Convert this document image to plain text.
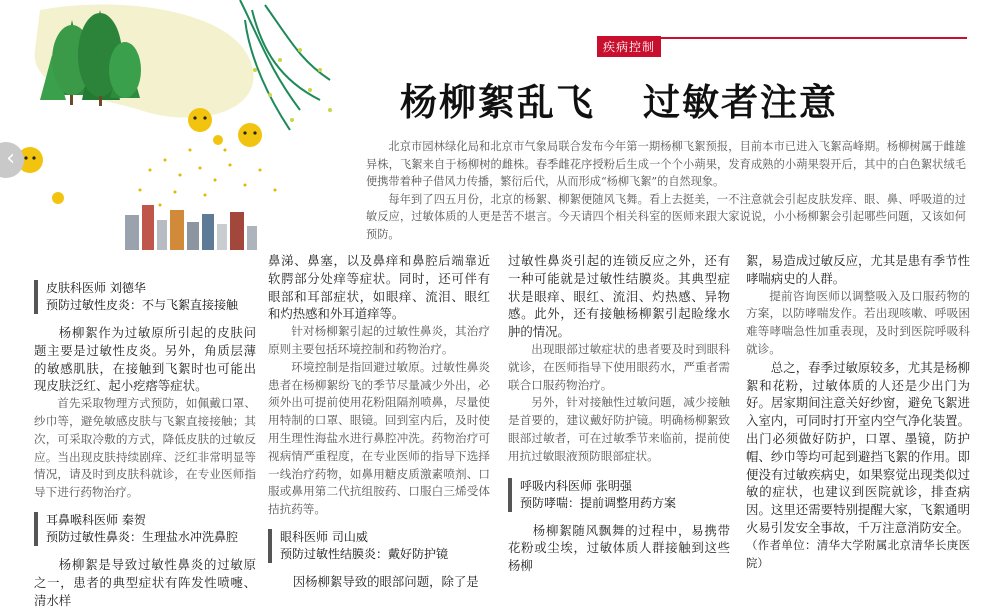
‹
疾病控制
杨柳絮乱飞 过敏者注意

北京市园林绿化局和北京市气象局联合发布今年第一期杨柳飞絮预报，目前本市已进入飞絮高峰期。杨柳树属于雌雄异株，飞絮来自于杨柳树的雌株。春季雌花序授粉后生成一个个小蒴果，发育成熟的小蒴果裂开后，其中的白色絮状绒毛便携带着种子借风力传播，繁衍后代，从而形成“杨柳飞絮”的自然现象。

每年到了四五月份，北京的杨絮、柳絮便随风飞舞。看上去挺美，一不注意就会引起皮肤发痒、眼、鼻、呼吸道的过敏反应，过敏体质的人更是苦不堪言。今天请四个相关科室的医师来跟大家说说，小小杨柳絮会引起哪些问题，又该如何预防。

皮肤科医师 刘德华
预防过敏性皮炎：不与飞絮直接接触

杨柳絮作为过敏原所引起的皮肤问题主要是过敏性皮炎。另外，角质层薄的敏感肌肤，在接触到飞絮时也可能出现皮肤泛红、起小疙瘩等症状。

首先采取物理方式预防，如佩戴口罩、纱巾等，避免敏感皮肤与飞絮直接接触；其次，可采取冷敷的方式，降低皮肤的过敏反应。当出现皮肤持续剧痒、泛红非常明显等情况，请及时到皮肤科就诊，在专业医师指导下进行药物治疗。

耳鼻喉科医师 秦贺
预防过敏性鼻炎：生理盐水冲洗鼻腔

杨柳絮是导致过敏性鼻炎的过敏原之一，患者的典型症状有阵发性喷嚏、清水样

鼻涕、鼻塞，以及鼻痒和鼻腔后端靠近软腭部分处痒等症状。同时，还可伴有眼部和耳部症状，如眼痒、流泪、眼红和灼热感和外耳道痒等。

针对杨柳絮引起的过敏性鼻炎，其治疗原则主要包括环境控制和药物治疗。

环境控制是指回避过敏原。过敏性鼻炎患者在杨柳絮纷飞的季节尽量减少外出，必须外出可提前使用花粉阻隔剂喷鼻，尽量使用特制的口罩、眼镜。回到室内后，及时使用生理性海盐水进行鼻腔冲洗。药物治疗可视病情严重程度，在专业医师的指导下选择一线治疗药物，如鼻用糖皮质激素喷剂、口服或鼻用第二代抗组胺药、口服白三烯受体拮抗药等。

眼科医师 司山威
预防过敏性结膜炎：戴好防护镜

因杨柳絮导致的眼部问题，除了是

过敏性鼻炎引起的连锁反应之外，还有一种可能就是过敏性结膜炎。其典型症状是眼痒、眼红、流泪、灼热感、异物感。此外，还有接触杨柳絮引起睑缘水肿的情况。

出现眼部过敏症状的患者要及时到眼科就诊，在医师指导下使用眼药水，严重者需联合口服药物治疗。

另外，针对接触性过敏问题，减少接触是首要的，建议戴好防护镜。明确杨柳絮致眼部过敏者，可在过敏季节来临前，提前使用抗过敏眼液预防眼部症状。

呼吸内科医师 张明强
预防哮喘：提前调整用药方案

杨柳絮随风飘舞的过程中，易携带花粉或尘埃，过敏体质人群接触到这些杨柳

絮，易造成过敏反应，尤其是患有季节性哮喘病史的人群。

提前咨询医师以调整吸入及口服药物的方案，以防哮喘发作。若出现咳嗽、呼吸困难等哮喘急性加重表现，及时到医院呼吸科就诊。

总之，春季过敏原较多，尤其是杨柳絮和花粉，过敏体质的人还是少出门为好。居家期间注意关好纱窗，避免飞絮进入室内，可同时打开室内空气净化装置。出门必须做好防护，口罩、墨镜，防护帽、纱巾等均可起到避挡飞絮的作用。即便没有过敏疾病史，如果察觉出现类似过敏的症状，也建议到医院就诊，排查病因。这里还需要特别提醒大家，飞絮通明火易引发安全事故，千万注意消防安全。

（作者单位：清华大学附属北京清华长庚医院）
